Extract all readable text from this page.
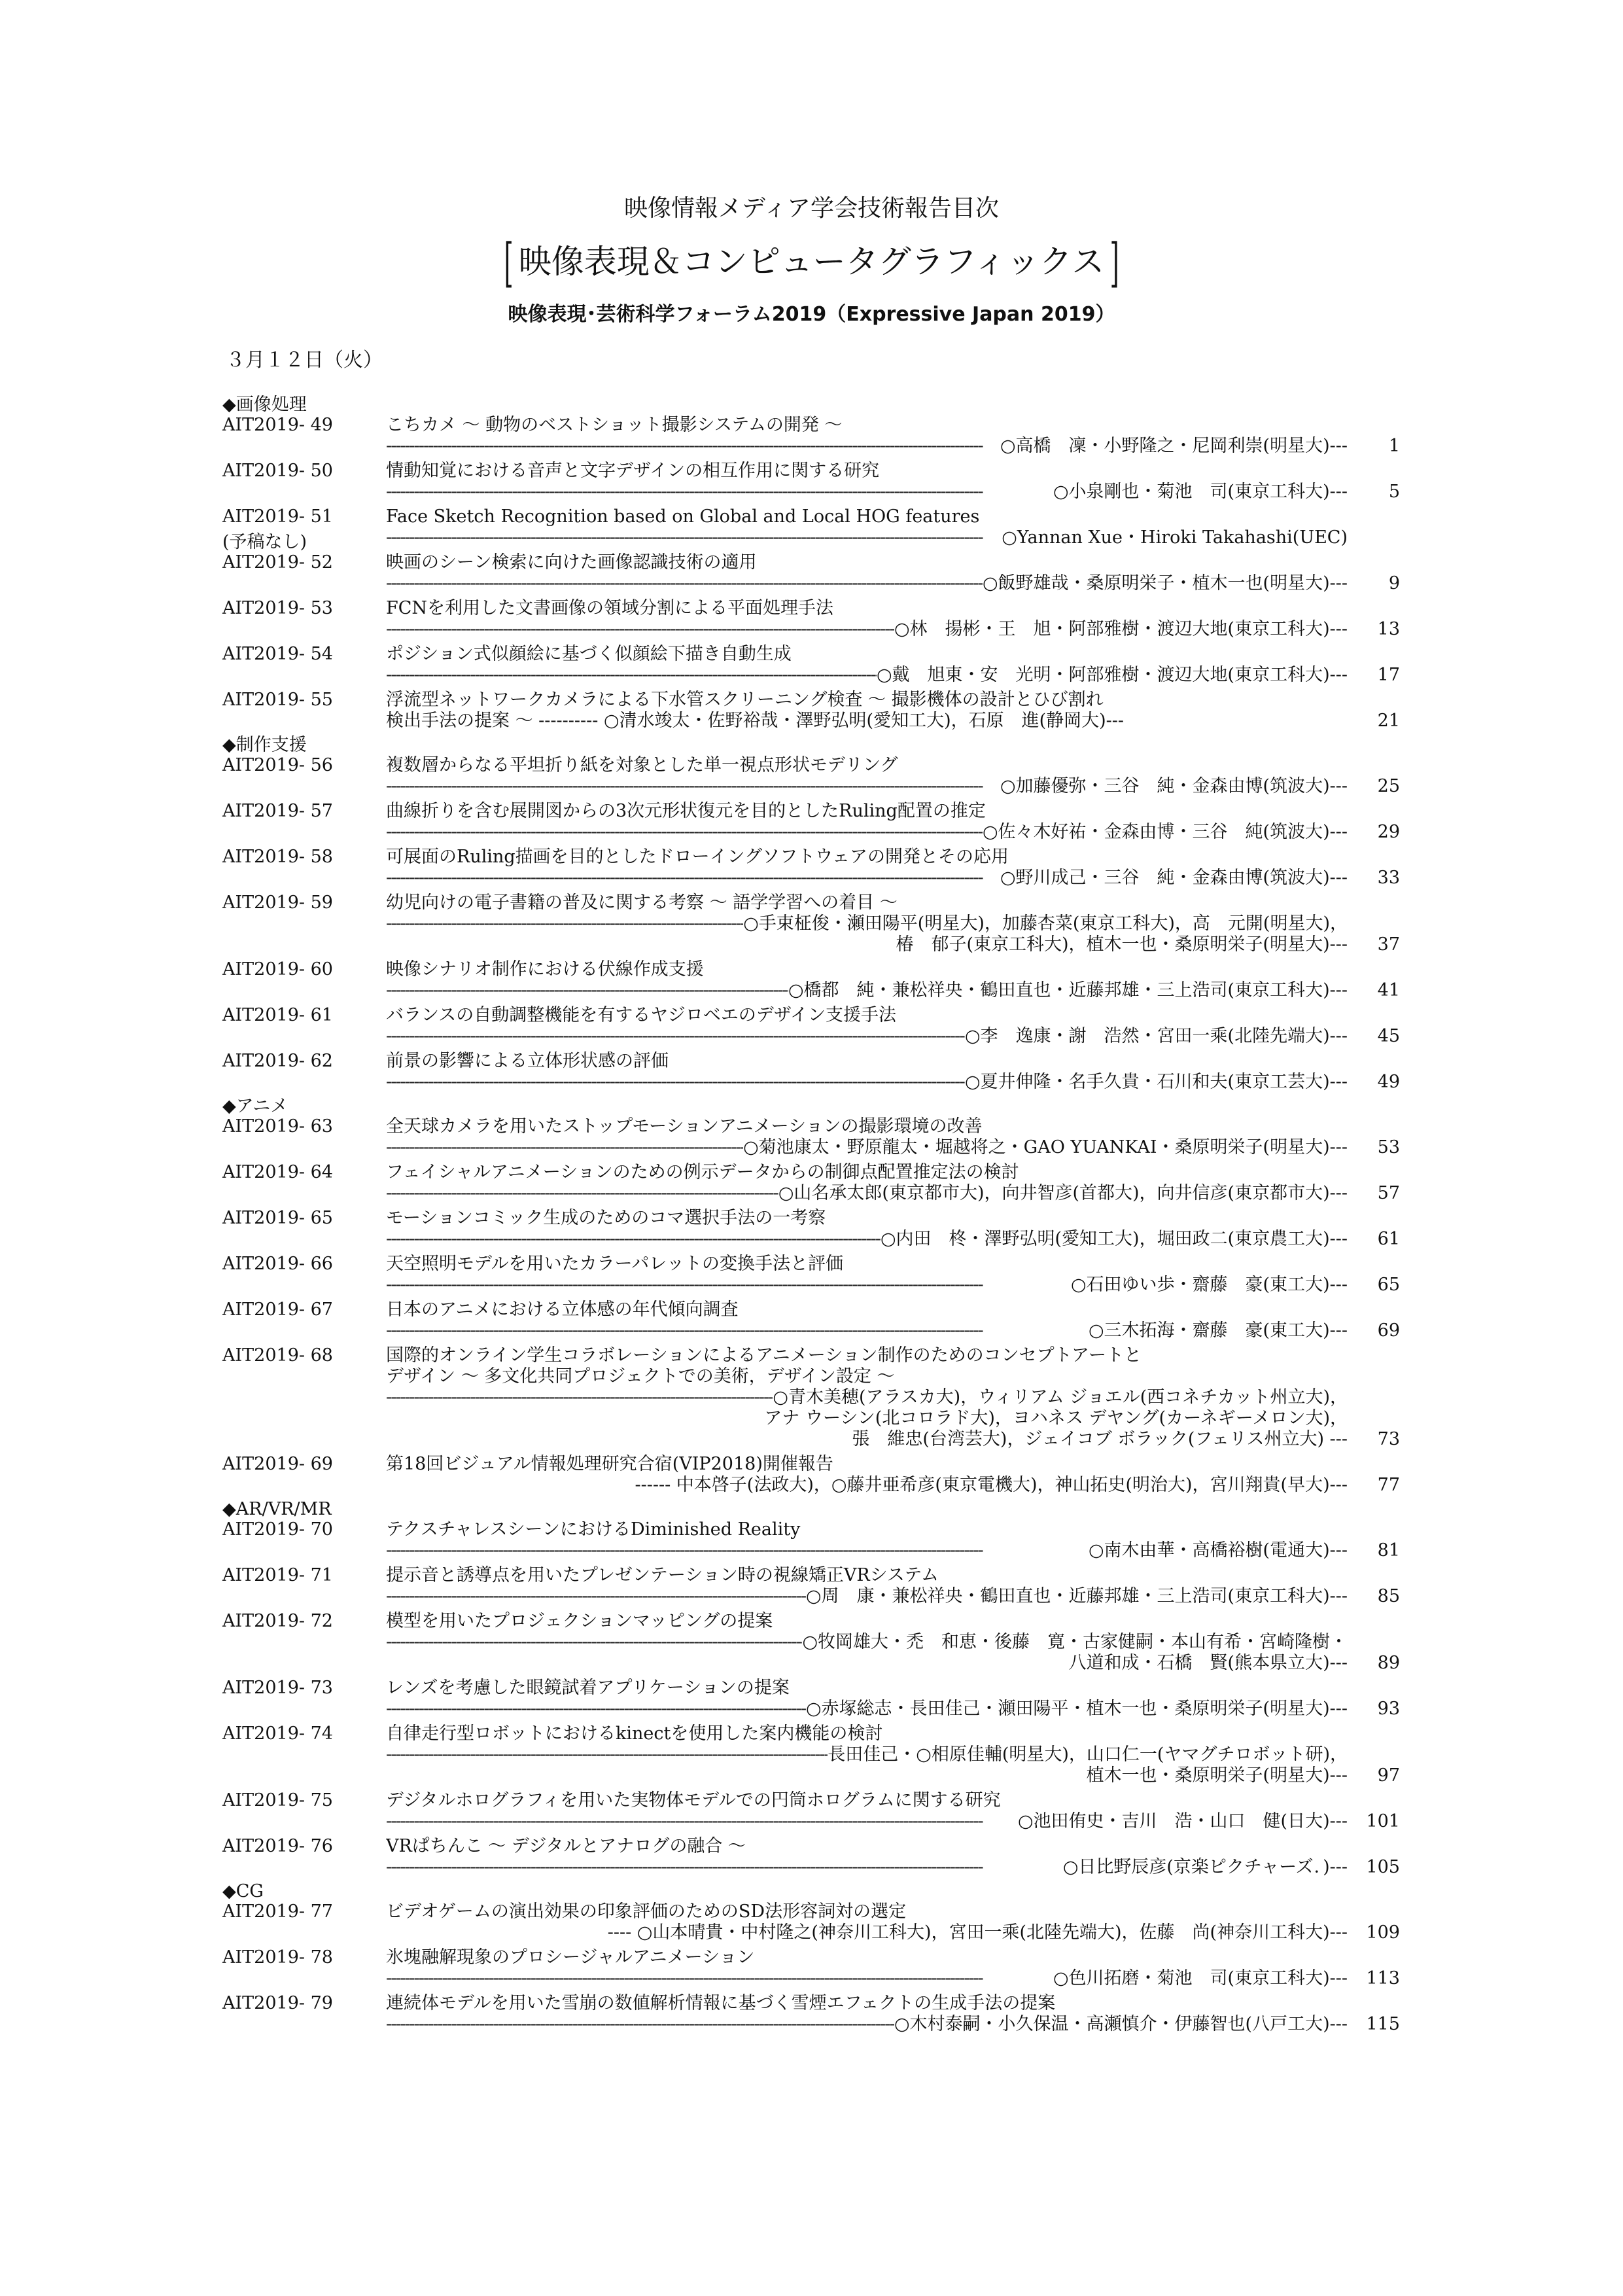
映像情報メディア学会技術報告目次
[ 映像表現＆コンピュータグラフィックス ]
映像表現･芸術科学フォーラム2019（Expressive Japan 2019）
３月１２日（火）
◆画像処理
AIT2019- 49	こちカメ ～ 動物のベストショット撮影システムの開発 ～
-----
○高橋　凜・小野隆之・尼岡利崇(明星大)---	1
AIT2019- 50	情動知覚における音声と文字デザインの相互作用に関する研究
-----
○小泉剛也・菊池　司(東京工科大)---	5
AIT2019- 51	Face Sketch Recognition based on Global and Local HOG features
-----
○Yannan Xue・Hiroki Takahashi(UEC)
(予稿なし)
AIT2019- 52	映画のシーン検索に向けた画像認識技術の適用
-----
○飯野雄哉・桑原明栄子・植木一也(明星大)---	9
AIT2019- 53	FCNを利用した文書画像の領域分割による平面処理手法
-----
○林　揚彬・王　旭・阿部雅樹・渡辺大地(東京工科大)---	13
AIT2019- 54	ポジション式似顔絵に基づく似顔絵下描き自動生成
-----
○戴　旭東・安　光明・阿部雅樹・渡辺大地(東京工科大)---	17
AIT2019- 55	浮流型ネットワークカメラによる下水管スクリーニング検査 ～ 撮影機体の設計とひび割れ
検出手法の提案 ～ ---------- ○清水竣太・佐野裕哉・澤野弘明(愛知工大)，石原　進(静岡大)---	21
◆制作支援
AIT2019- 56	複数層からなる平坦折り紙を対象とした単一視点形状モデリング
-----
○加藤優弥・三谷　純・金森由博(筑波大)---	25
AIT2019- 57	曲線折りを含む展開図からの3次元形状復元を目的としたRuling配置の推定
-----
○佐々木好祐・金森由博・三谷　純(筑波大)---	29
AIT2019- 58	可展面のRuling描画を目的としたドローイングソフトウェアの開発とその応用
-----
○野川成己・三谷　純・金森由博(筑波大)---	33
AIT2019- 59	幼児向けの電子書籍の普及に関する考察 ～ 語学学習への着目 ～
-----
○手束柾俊・瀬田陽平(明星大)，加藤杏菜(東京工科大)，高　元開(明星大)，
椿　郁子(東京工科大)，植木一也・桑原明栄子(明星大)---	37
AIT2019- 60	映像シナリオ制作における伏線作成支援
-----
○橋都　純・兼松祥央・鶴田直也・近藤邦雄・三上浩司(東京工科大)---	41
AIT2019- 61	バランスの自動調整機能を有するヤジロベエのデザイン支援手法
-----
○李　逸康・謝　浩然・宮田一乘(北陸先端大)---	45
AIT2019- 62	前景の影響による立体形状感の評価
-----
○夏井伸隆・名手久貴・石川和夫(東京工芸大)---	49
◆アニメ
AIT2019- 63	全天球カメラを用いたストップモーションアニメーションの撮影環境の改善
-----
○菊池康太・野原龍太・堀越将之・GAO YUANKAI・桑原明栄子(明星大)---	53
AIT2019- 64	フェイシャルアニメーションのための例示データからの制御点配置推定法の検討
-----
○山名承太郎(東京都市大)，向井智彦(首都大)，向井信彦(東京都市大)---	57
AIT2019- 65	モーションコミック生成のためのコマ選択手法の一考察
-----
○内田　柊・澤野弘明(愛知工大)，堀田政二(東京農工大)---	61
AIT2019- 66	天空照明モデルを用いたカラーパレットの変換手法と評価
-----
○石田ゆい歩・齋藤　豪(東工大)---	65
AIT2019- 67	日本のアニメにおける立体感の年代傾向調査
-----
○三木拓海・齋藤　豪(東工大)---	69
AIT2019- 68	国際的オンライン学生コラボレーションによるアニメーション制作のためのコンセプトアートと
デザイン ～ 多文化共同プロジェクトでの美術，デザイン設定 ～
-----
○青木美穂(アラスカ大)，ウィリアム ジョエル(西コネチカット州立大)，
アナ ウーシン(北コロラド大)，ヨハネス デヤング(カーネギーメロン大)，
張　維忠(台湾芸大)，ジェイコブ ボラック(フェリス州立大) ---	73
AIT2019- 69	第18回ビジュアル情報処理研究合宿(VIP2018)開催報告
------ 中本啓子(法政大)，○藤井亜希彦(東京電機大)，神山拓史(明治大)，宮川翔貴(早大)---	77
◆AR/VR/MR
AIT2019- 70	テクスチャレスシーンにおけるDiminished Reality
-----
○南木由華・高橋裕樹(電通大)---	81
AIT2019- 71	提示音と誘導点を用いたプレゼンテーション時の視線矯正VRシステム
-----
○周　康・兼松祥央・鶴田直也・近藤邦雄・三上浩司(東京工科大)---	85
AIT2019- 72	模型を用いたプロジェクションマッピングの提案
-----
○牧岡雄大・禿　和恵・後藤　寛・古家健嗣・本山有希・宮崎隆樹・
八道和成・石橋　賢(熊本県立大)---	89
AIT2019- 73	レンズを考慮した眼鏡試着アプリケーションの提案
-----
○赤塚総志・長田佳己・瀬田陽平・植木一也・桑原明栄子(明星大)---	93
AIT2019- 74	自律走行型ロボットにおけるkinectを使用した案内機能の検討
-----
長田佳己・○相原佳輔(明星大)，山口仁一(ヤマグチロボット研)，
植木一也・桑原明栄子(明星大)---	97
AIT2019- 75	デジタルホログラフィを用いた実物体モデルでの円筒ホログラムに関する研究
-----
○池田侑史・吉川　浩・山口　健(日大)---	101
AIT2019- 76	VRぱちんこ ～ デジタルとアナログの融合 ～
-----
○日比野辰彦(京楽ピクチャーズ．)---	105
◆CG
AIT2019- 77	ビデオゲームの演出効果の印象評価のためのSD法形容詞対の選定
---- ○山本晴貴・中村隆之(神奈川工科大)，宮田一乘(北陸先端大)，佐藤　尚(神奈川工科大)---	109
AIT2019- 78	氷塊融解現象のプロシージャルアニメーション
-----
○色川拓磨・菊池　司(東京工科大)---	113
AIT2019- 79	連続体モデルを用いた雪崩の数値解析情報に基づく雪煙エフェクトの生成手法の提案
-----
○木村泰嗣・小久保温・高瀬慎介・伊藤智也(八戸工大)---	115
